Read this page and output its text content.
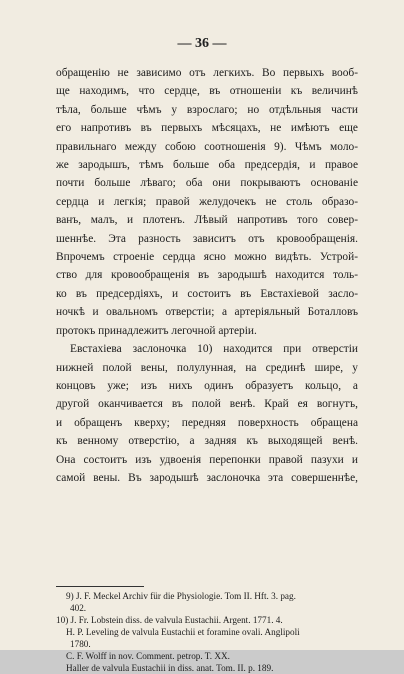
— 36 —
обращенію не зависимо отъ легкихъ. Во первыхъ вооб-
ще находимъ, что сердце, въ отношеніи къ величинѣ
тѣла, больше чѣмъ у взрослаго; но отдѣльныя части
его напротивъ въ первыхъ мѣсяцахъ, не имѣютъ еще
правильнаго между собою соотношенія 9). Чѣмъ моло-
же зародышъ, тѣмъ больше оба предсердія, и правое
почти больше лѣваго; оба они покрываютъ основаніе
сердца и легкія; правой желудочекъ не столь образо-
ванъ, малъ, и плотенъ. Лѣвый напротивъ того совер-
шеннѣе. Эта разность зависитъ отъ кровообращенія.
Впрочемъ строеніе сердца ясно можно видѣть. Устрой-
ство для кровообращенія въ зародышѣ находится толь-
ко въ предсердіяхъ, и состоитъ въ Евстахіевой засло-
ночкѣ и овальномъ отверстіи; а артеріяльный Боталловъ
протокъ принадлежитъ легочной артеріи.
Евстахіева заслоночка 10) находится при отверстіи
нижней полой вены, полулунная, на срединѣ шире, у
концовъ уже; изъ нихъ одинъ образуетъ кольцо, а
другой оканчивается въ полой венѣ. Край ея вогнутъ,
и обращенъ кверху; передняя поверхность обращена
къ венному отверстію, а задняя къ выходящей венѣ.
Она состоитъ изъ удвоенія перепонки правой пазухи и
самой вены. Въ зародышѣ заслоночка эта совершеннѣе,
9) J. F. Meckel Archiv für die Physiologie. Tom II. Hft. 3. pag.
402.
10) J. Fr. Lobstein diss. de valvula Eustachii. Argent. 1771. 4.
H. P. Leveling de valvula Eustachii et foramine ovali. Anglipoli
1780.
C. F. Wolff in nov. Comment. petrop. T. XX.
Haller de valvula Eustachii in diss. anat. Tom. II. p. 189.
